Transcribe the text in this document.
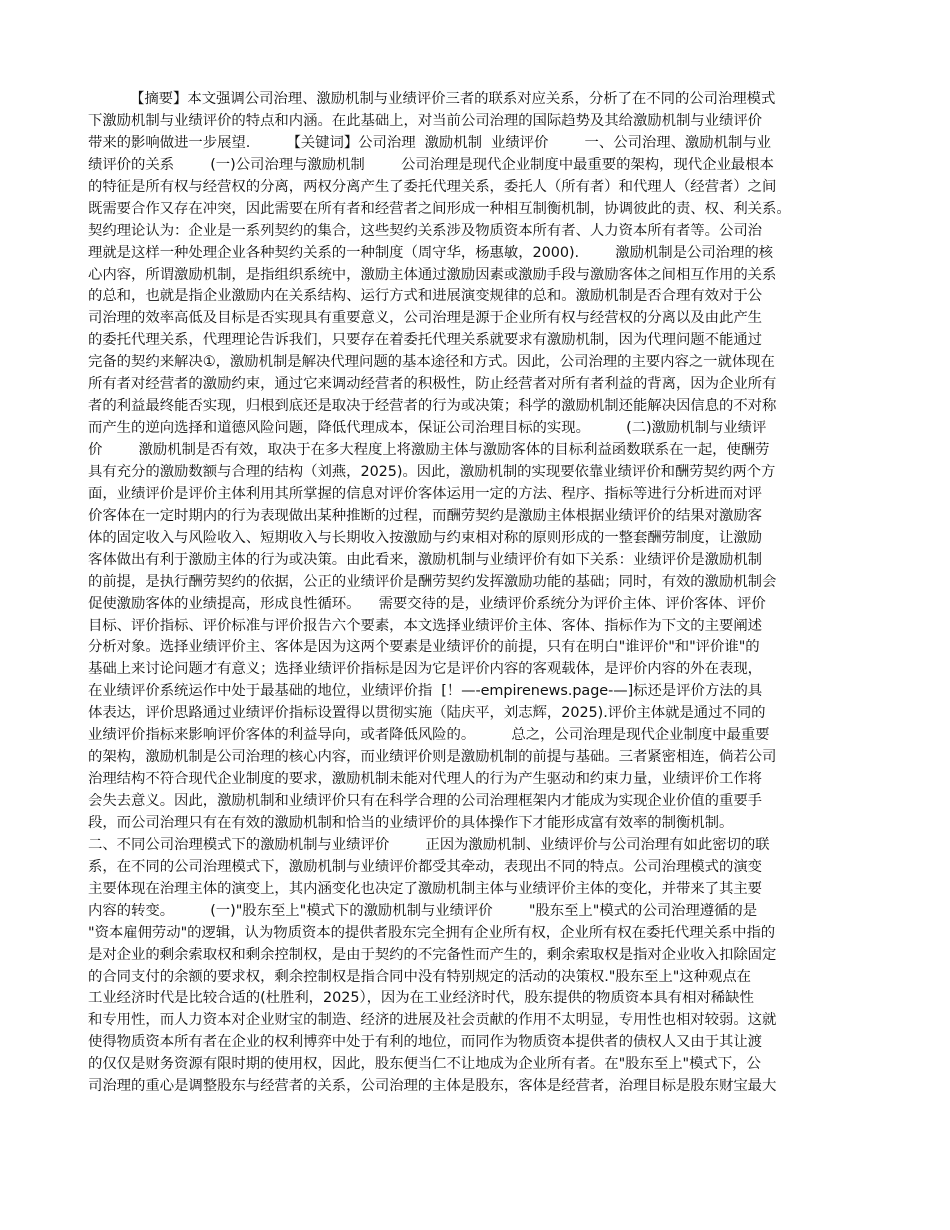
【摘要】本文强调公司治理、激励机制与业绩评价三者的联系对应关系，分析了在不同的公司治理模式
下激励机制与业绩评价的特点和内涵。在此基础上，对当前公司治理的国际趋势及其给激励机制与业绩评价
带来的影响做进一步展望.        【关键词】公司治理  激励机制  业绩评价        一、公司治理、激励机制与业
绩评价的关系        (一)公司治理与激励机制        公司治理是现代企业制度中最重要的架构，现代企业最根本
的特征是所有权与经营权的分离，两权分离产生了委托代理关系，委托人（所有者）和代理人（经营者）之间
既需要合作又存在冲突，因此需要在所有者和经营者之间形成一种相互制衡机制，协调彼此的责、权、利关系。
契约理论认为：企业是一系列契约的集合，这些契约关系涉及物质资本所有者、人力资本所有者等。公司治
理就是这样一种处理企业各种契约关系的一种制度（周守华，杨惠敏，2000).        激励机制是公司治理的核
心内容，所谓激励机制，是指组织系统中，激励主体通过激励因素或激励手段与激励客体之间相互作用的关系
的总和，也就是指企业激励内在关系结构、运行方式和进展演变规律的总和。激励机制是否合理有效对于公
司治理的效率高低及目标是否实现具有重要意义，公司治理是源于企业所有权与经营权的分离以及由此产生
的委托代理关系，代理理论告诉我们，只要存在着委托代理关系就要求有激励机制，因为代理问题不能通过
完备的契约来解决①，激励机制是解决代理问题的基本途径和方式。因此，公司治理的主要内容之一就体现在
所有者对经营者的激励约束，通过它来调动经营者的积极性，防止经营者对所有者利益的背离，因为企业所有
者的利益最终能否实现，归根到底还是取决于经营者的行为或决策；科学的激励机制还能解决因信息的不对称
而产生的逆向选择和道德风险问题，降低代理成本，保证公司治理目标的实现。        (二)激励机制与业绩评
价        激励机制是否有效，取决于在多大程度上将激励主体与激励客体的目标利益函数联系在一起，使酬劳
具有充分的激励数额与合理的结构（刘燕，2025)。因此，激励机制的实现要依靠业绩评价和酬劳契约两个方
面，业绩评价是评价主体利用其所掌握的信息对评价客体运用一定的方法、程序、指标等进行分析进而对评
价客体在一定时期内的行为表现做出某种推断的过程，而酬劳契约是激励主体根据业绩评价的结果对激励客
体的固定收入与风险收入、短期收入与长期收入按激励与约束相对称的原则形成的一整套酬劳制度，让激励
客体做出有利于激励主体的行为或决策。由此看来，激励机制与业绩评价有如下关系：业绩评价是激励机制
的前提，是执行酬劳契约的依据，公正的业绩评价是酬劳契约发挥激励功能的基础；同时，有效的激励机制会
促使激励客体的业绩提高，形成良性循环。    需要交待的是，业绩评价系统分为评价主体、评价客体、评价
目标、评价指标、评价标准与评价报告六个要素，本文选择业绩评价主体、客体、指标作为下文的主要阐述
分析对象。选择业绩评价主、客体是因为这两个要素是业绩评价的前提，只有在明白"谁评价"和"评价谁"的
基础上来讨论问题才有意义；选择业绩评价指标是因为它是评价内容的客观载体，是评价内容的外在表现，
在业绩评价系统运作中处于最基础的地位，业绩评价指  [！—-empirenews.page-—]标还是评价方法的具
体表达，评价思路通过业绩评价指标设置得以贯彻实施（陆庆平，刘志辉，2025).评价主体就是通过不同的
业绩评价指标来影响评价客体的利益导向，或者降低风险的。        总之，公司治理是现代企业制度中最重要
的架构，激励机制是公司治理的核心内容，而业绩评价则是激励机制的前提与基础。三者紧密相连，倘若公司
治理结构不符合现代企业制度的要求，激励机制未能对代理人的行为产生驱动和约束力量，业绩评价工作将
会失去意义。因此，激励机制和业绩评价只有在科学合理的公司治理框架内才能成为实现企业价值的重要手
段，而公司治理只有在有效的激励机制和恰当的业绩评价的具体操作下才能形成富有效率的制衡机制。
二、不同公司治理模式下的激励机制与业绩评价        正因为激励机制、业绩评价与公司治理有如此密切的联
系，在不同的公司治理模式下，激励机制与业绩评价都受其牵动，表现出不同的特点。公司治理模式的演变
主要体现在治理主体的演变上，其内涵变化也决定了激励机制主体与业绩评价主体的变化，并带来了其主要
内容的转变。        (一)"股东至上"模式下的激励机制与业绩评价        "股东至上"模式的公司治理遵循的是
"资本雇佣劳动"的逻辑，认为物质资本的提供者股东完全拥有企业所有权，企业所有权在委托代理关系中指的
是对企业的剩余索取权和剩余控制权，是由于契约的不完备性而产生的，剩余索取权是指对企业收入扣除固定
的合同支付的余额的要求权，剩余控制权是指合同中没有特别规定的活动的决策权."股东至上"这种观点在
工业经济时代是比较合适的(杜胜利，2025），因为在工业经济时代，股东提供的物质资本具有相对稀缺性
和专用性，而人力资本对企业财宝的制造、经济的进展及社会贡献的作用不太明显，专用性也相对较弱。这就
使得物质资本所有者在企业的权利博弈中处于有利的地位，而同作为物质资本提供者的债权人又由于其让渡
的仅仅是财务资源有限时期的使用权，因此，股东便当仁不让地成为企业所有者。在"股东至上"模式下，公
司治理的重心是调整股东与经营者的关系，公司治理的主体是股东，客体是经营者，治理目标是股东财宝最大
